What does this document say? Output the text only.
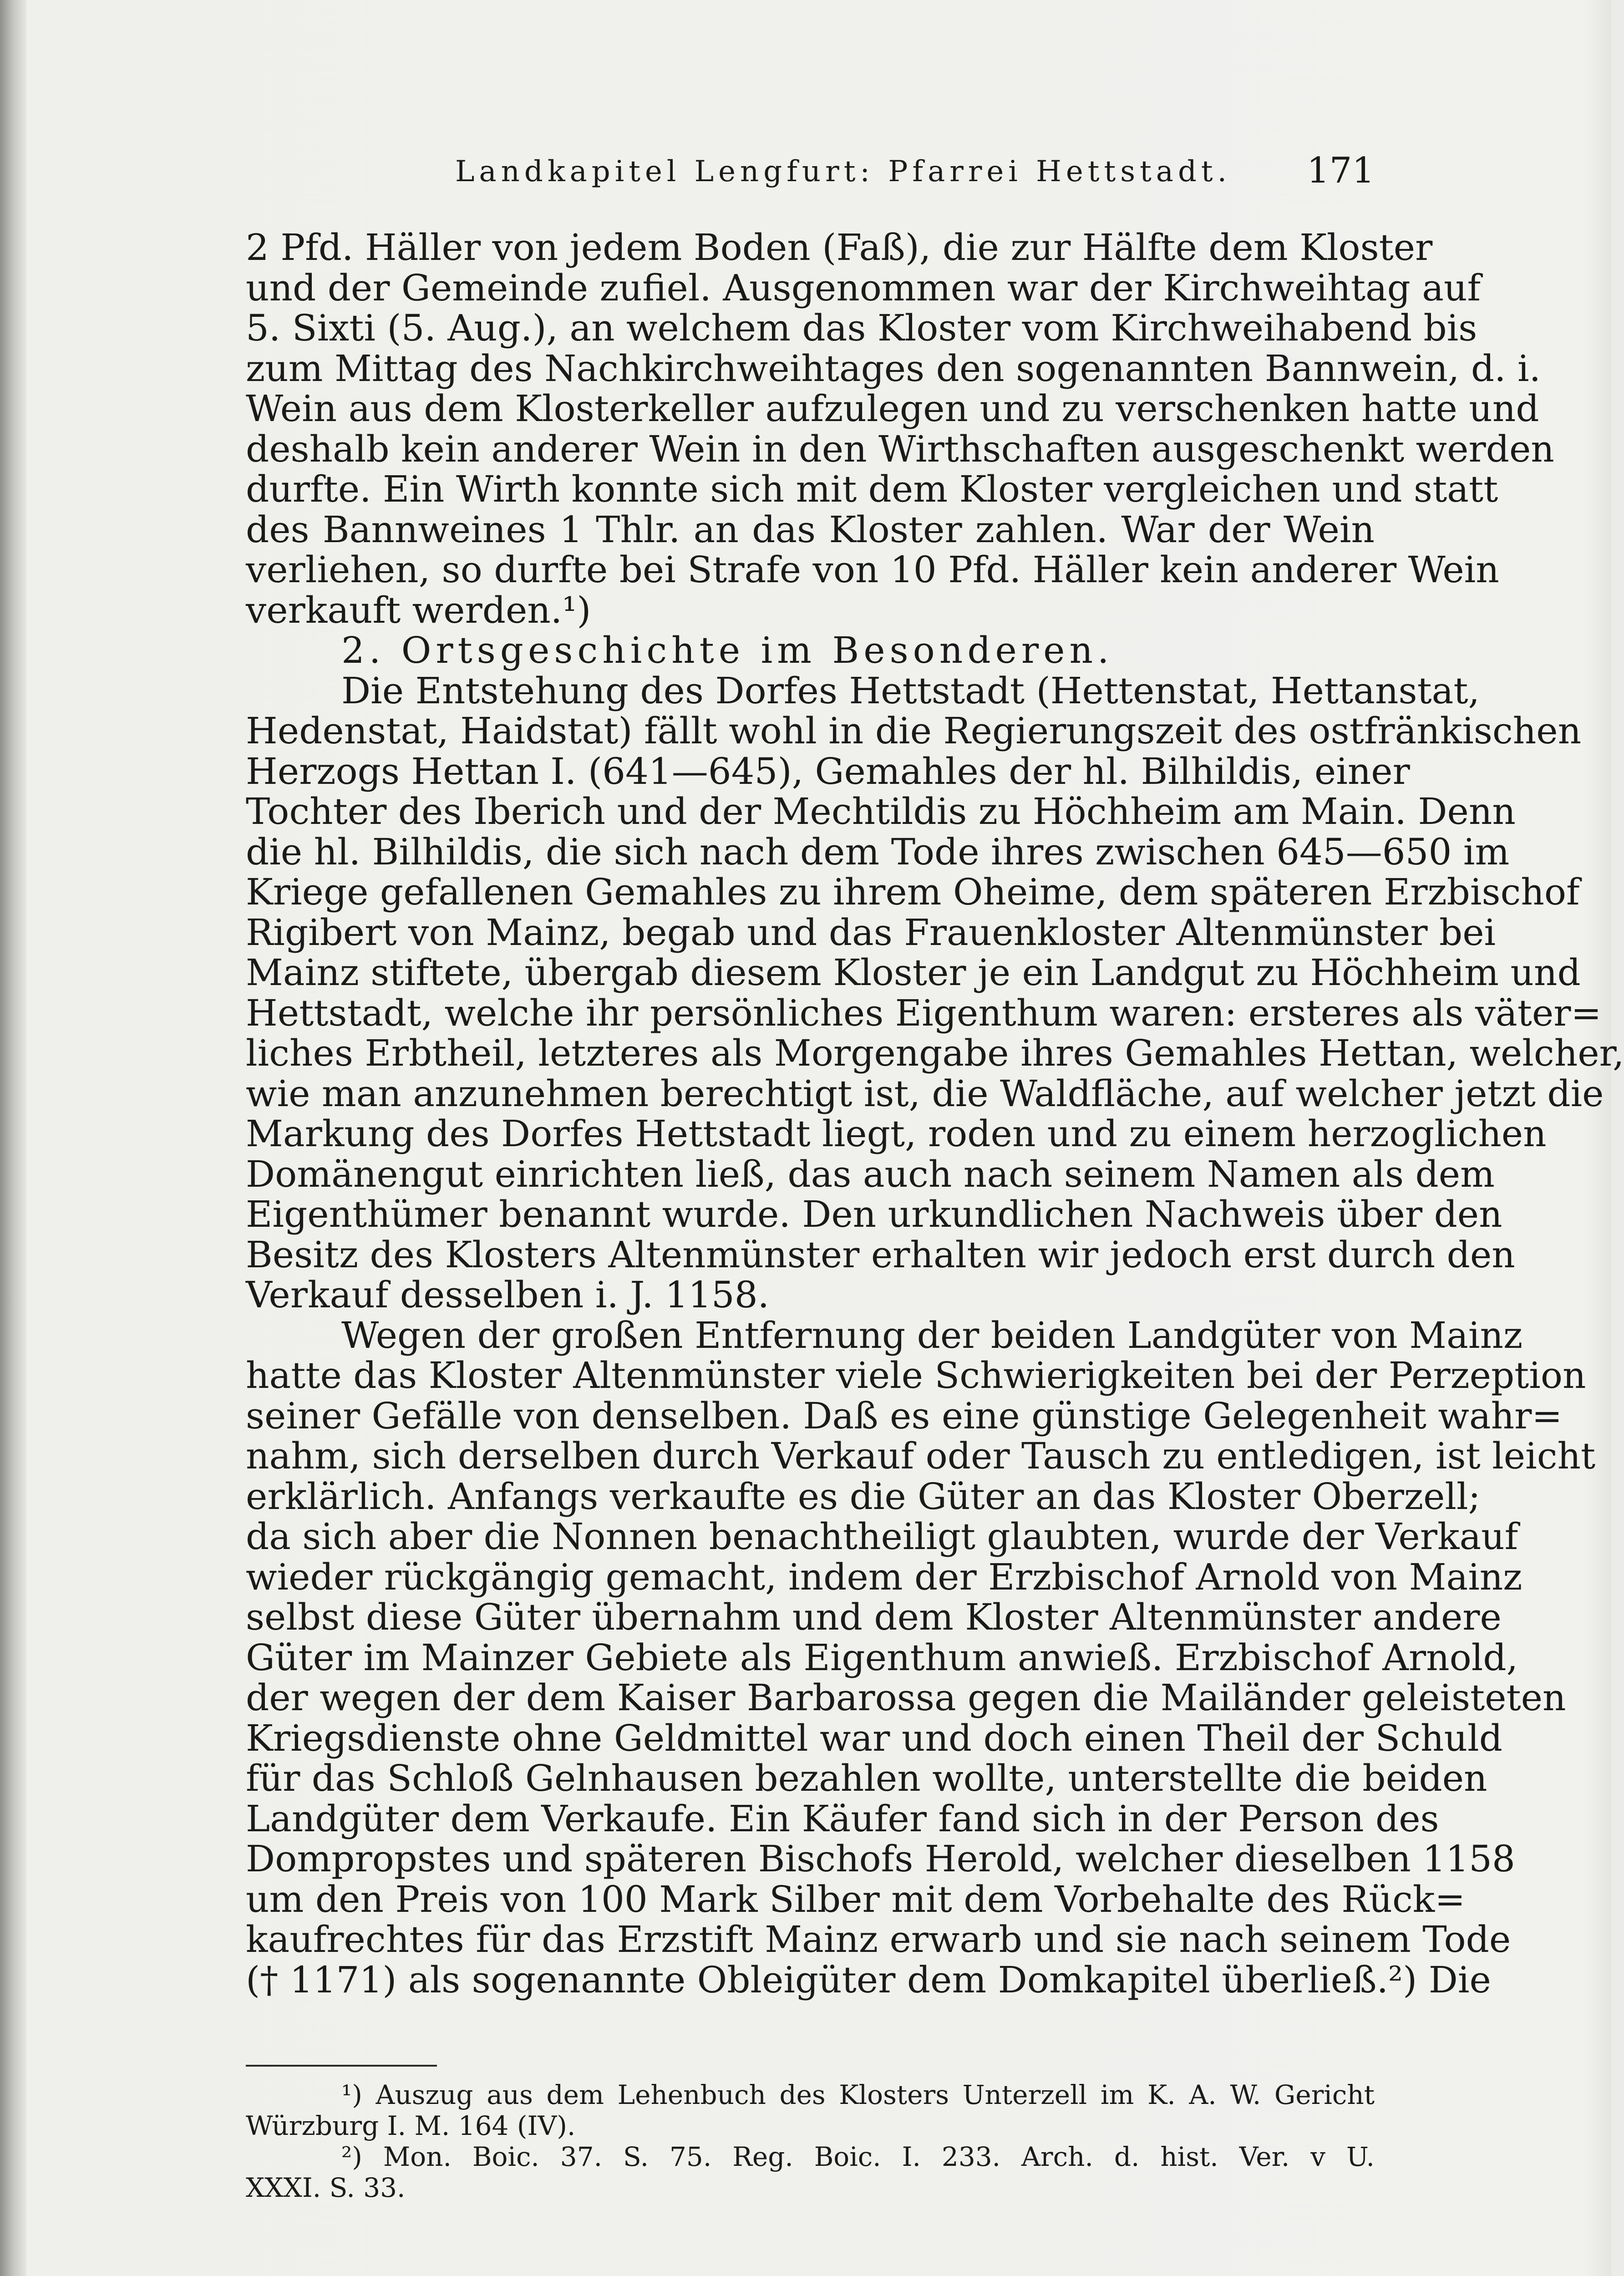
Landkapitel Lengfurt: Pfarrei Hettstadt. 171
2 Pfd. Häller von jedem Boden (Faß), die zur Hälfte dem Kloster
und der Gemeinde zufiel. Ausgenommen war der Kirchweihtag auf
5. Sixti (5. Aug.), an welchem das Kloster vom Kirchweihabend bis
zum Mittag des Nachkirchweihtages den sogenannten Bannwein, d. i.
Wein aus dem Klosterkeller aufzulegen und zu verschenken hatte und
deshalb kein anderer Wein in den Wirthschaften ausgeschenkt werden
durfte. Ein Wirth konnte sich mit dem Kloster vergleichen und statt
des Bannweines 1 Thlr. an das Kloster zahlen. War der Wein
verliehen, so durfte bei Strafe von 10 Pfd. Häller kein anderer Wein
verkauft werden.¹)
2. Ortsgeschichte im Besonderen.
Die Entstehung des Dorfes Hettstadt (Hettenstat, Hettanstat,
Hedenstat, Haidstat) fällt wohl in die Regierungszeit des ostfränkischen
Herzogs Hettan I. (641—645), Gemahles der hl. Bilhildis, einer
Tochter des Iberich und der Mechtildis zu Höchheim am Main. Denn
die hl. Bilhildis, die sich nach dem Tode ihres zwischen 645—650 im
Kriege gefallenen Gemahles zu ihrem Oheime, dem späteren Erzbischof
Rigibert von Mainz, begab und das Frauenkloster Altenmünster bei
Mainz stiftete, übergab diesem Kloster je ein Landgut zu Höchheim und
Hettstadt, welche ihr persönliches Eigenthum waren: ersteres als väter=
liches Erbtheil, letzteres als Morgengabe ihres Gemahles Hettan, welcher,
wie man anzunehmen berechtigt ist, die Waldfläche, auf welcher jetzt die
Markung des Dorfes Hettstadt liegt, roden und zu einem herzoglichen
Domänengut einrichten ließ, das auch nach seinem Namen als dem
Eigenthümer benannt wurde. Den urkundlichen Nachweis über den
Besitz des Klosters Altenmünster erhalten wir jedoch erst durch den
Verkauf desselben i. J. 1158.
Wegen der großen Entfernung der beiden Landgüter von Mainz
hatte das Kloster Altenmünster viele Schwierigkeiten bei der Perzeption
seiner Gefälle von denselben. Daß es eine günstige Gelegenheit wahr=
nahm, sich derselben durch Verkauf oder Tausch zu entledigen, ist leicht
erklärlich. Anfangs verkaufte es die Güter an das Kloster Oberzell;
da sich aber die Nonnen benachtheiligt glaubten, wurde der Verkauf
wieder rückgängig gemacht, indem der Erzbischof Arnold von Mainz
selbst diese Güter übernahm und dem Kloster Altenmünster andere
Güter im Mainzer Gebiete als Eigenthum anwieß. Erzbischof Arnold,
der wegen der dem Kaiser Barbarossa gegen die Mailänder geleisteten
Kriegsdienste ohne Geldmittel war und doch einen Theil der Schuld
für das Schloß Gelnhausen bezahlen wollte, unterstellte die beiden
Landgüter dem Verkaufe. Ein Käufer fand sich in der Person des
Dompropstes und späteren Bischofs Herold, welcher dieselben 1158
um den Preis von 100 Mark Silber mit dem Vorbehalte des Rück=
kaufrechtes für das Erzstift Mainz erwarb und sie nach seinem Tode
(† 1171) als sogenannte Obleigüter dem Domkapitel überließ.²) Die
¹) Auszug aus dem Lehenbuch des Klosters Unterzell im K. A. W. Gericht
Würzburg I. M. 164 (IV).
²) Mon. Boic. 37. S. 75. Reg. Boic. I. 233. Arch. d. hist. Ver. v U.
XXXI. S. 33.
